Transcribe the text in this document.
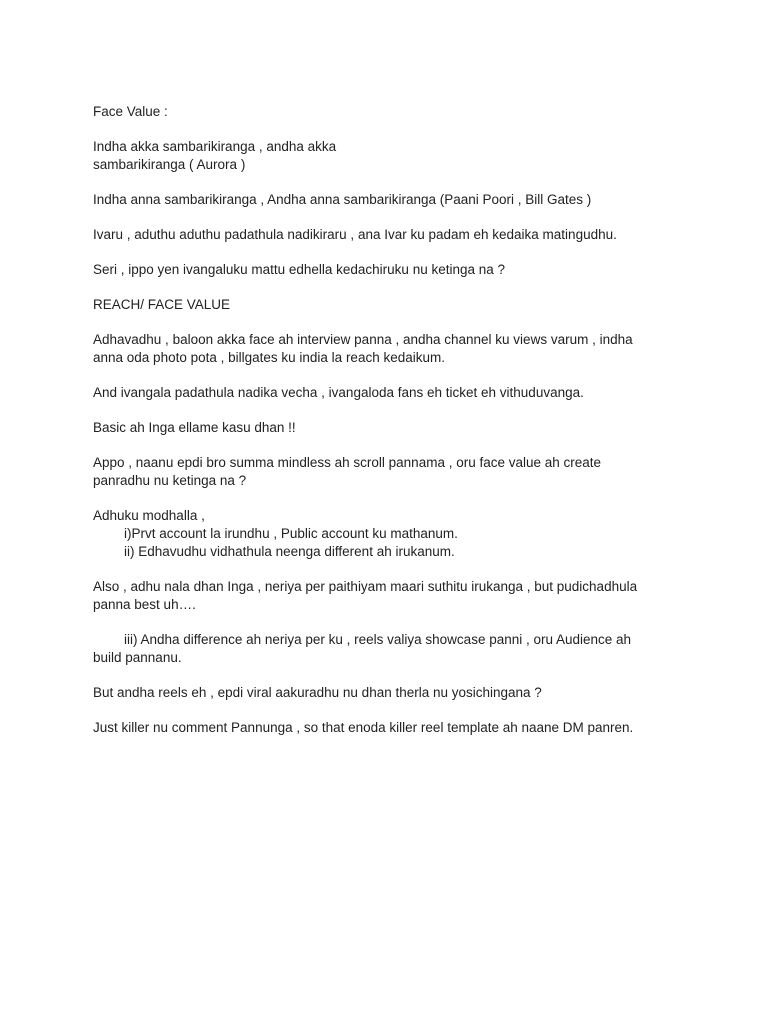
Face Value :

Indha akka sambarikiranga , andha akka
sambarikiranga ( Aurora )

Indha anna sambarikiranga , Andha anna sambarikiranga (Paani Poori , Bill Gates )

Ivaru , aduthu aduthu padathula nadikiraru , ana Ivar ku padam eh kedaika matingudhu.

Seri , ippo yen ivangaluku mattu edhella kedachiruku nu ketinga na ?

REACH/ FACE VALUE

Adhavadhu , baloon akka face ah interview panna , andha channel ku views varum , indha
anna oda photo pota , billgates ku india la reach kedaikum.

And ivangala padathula nadika vecha , ivangaloda fans eh ticket eh vithuduvanga.

Basic ah Inga ellame kasu dhan !!

Appo , naanu epdi bro summa mindless ah scroll pannama , oru face value ah create
panradhu nu ketinga na ?

Adhuku modhalla ,
i)Prvt account la irundhu , Public account ku mathanum.
ii) Edhavudhu vidhathula neenga different ah irukanum.

Also , adhu nala dhan Inga , neriya per paithiyam maari suthitu irukanga , but pudichadhula
panna best uh….

iii) Andha difference ah neriya per ku , reels valiya showcase panni , oru Audience ah
build pannanu.

But andha reels eh , epdi viral aakuradhu nu dhan therla nu yosichingana ?

Just killer nu comment Pannunga , so that enoda killer reel template ah naane DM panren.
